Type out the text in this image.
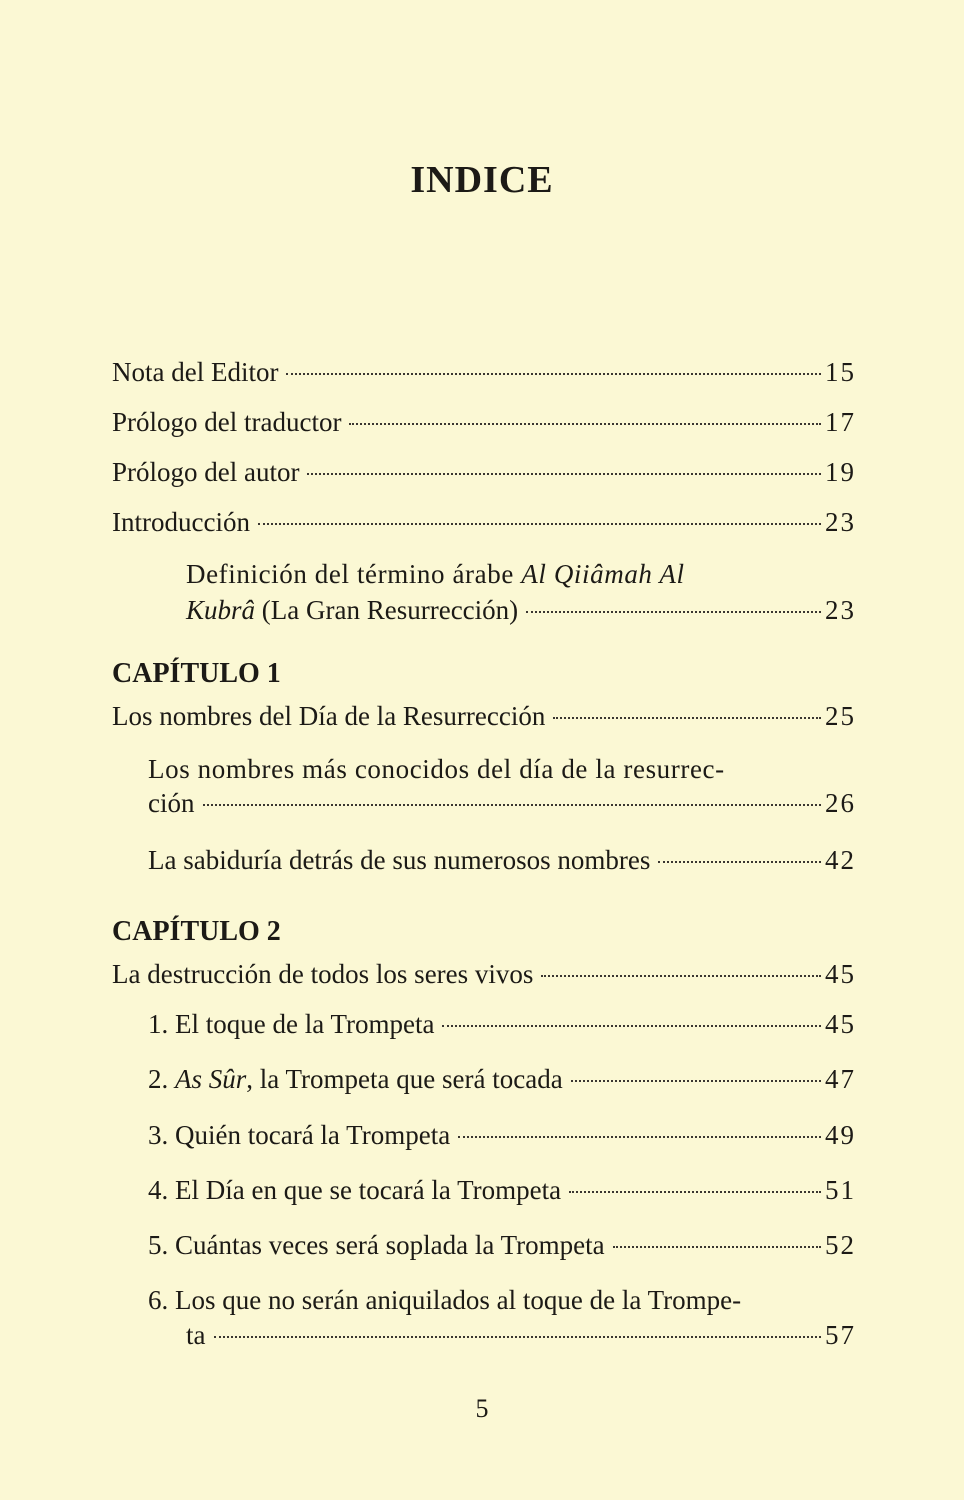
INDICE
Nota del Editor	15
Prólogo del traductor	17
Prólogo del autor	19
Introducción	23
Definición del término árabe Al Qiiâmah Al
Kubrâ (La Gran Resurrección)	23
CAPÍTULO 1
Los nombres del Día de la Resurrección	25
Los nombres más conocidos del día de la resurrec-
ción	26
La sabiduría detrás de sus numerosos nombres	42
CAPÍTULO 2
La destrucción de todos los seres vivos	45
1. El toque de la Trompeta	45
2. As Sûr, la Trompeta que será tocada	47
3. Quién tocará la Trompeta	49
4. El Día en que se tocará la Trompeta	51
5. Cuántas veces será soplada la Trompeta	52
6. Los que no serán aniquilados al toque de la Trompe-
ta	57
5
